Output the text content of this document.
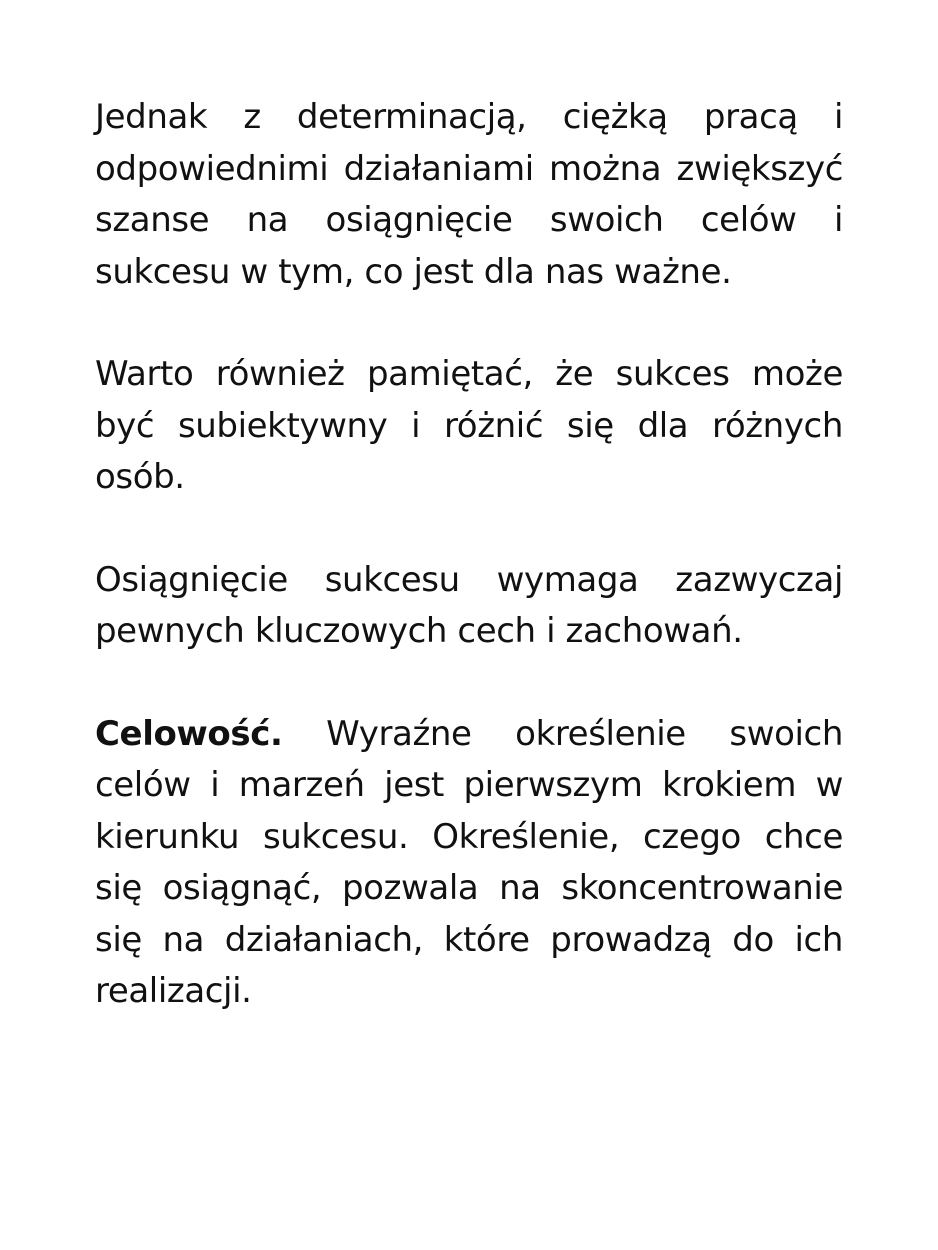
Jednak z determinacją, ciężką pracą i odpowiednimi działaniami można zwiększyć szanse na osiągnięcie swoich celów i sukcesu w tym, co jest dla nas ważne.

Warto również pamiętać, że sukces może być subiektywny i różnić się dla różnych osób.

Osiągnięcie sukcesu wymaga zazwyczaj pewnych kluczowych cech i zachowań.

Celowość. Wyraźne określenie swoich celów i marzeń jest pierwszym krokiem w kierunku sukcesu. Określenie, czego chce się osiągnąć, pozwala na skoncentrowanie się na działaniach, które prowadzą do ich realizacji.
